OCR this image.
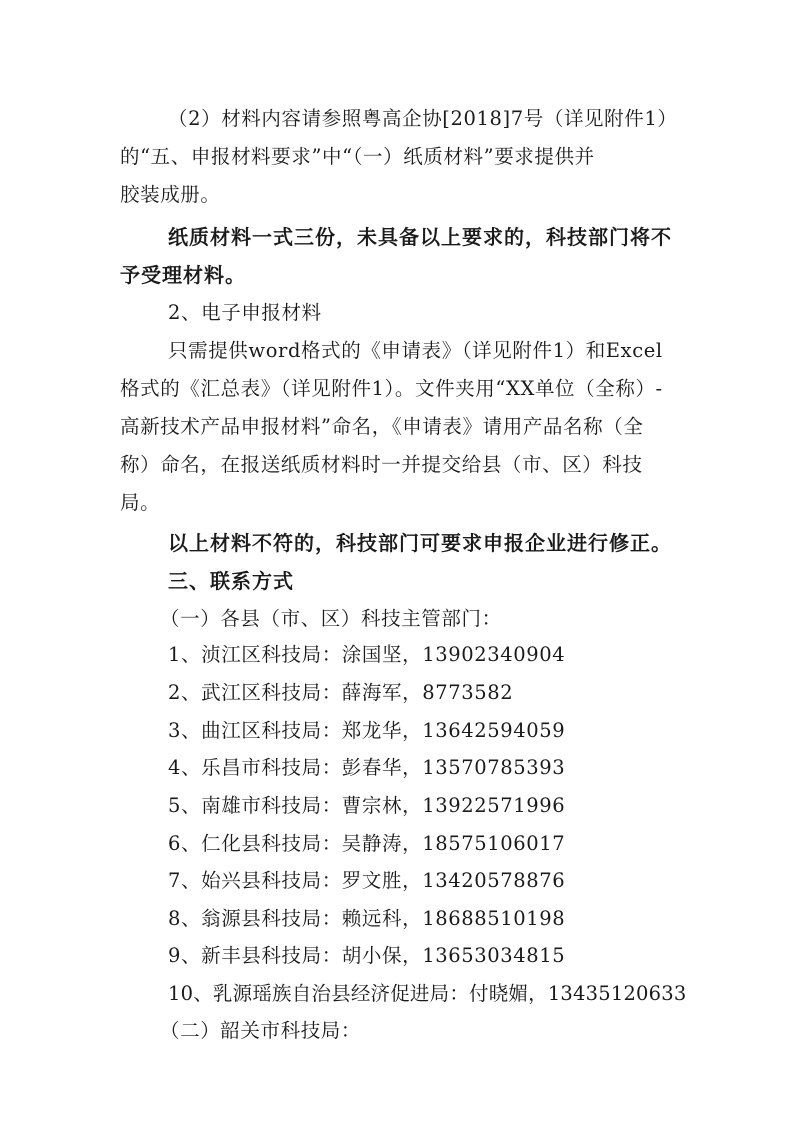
（2）材料内容请参照粤高企协[2018]7号（详见附件1）
的“五、申报材料要求”中“（一）纸质材料”要求提供并
胶装成册。
纸质材料一式三份，未具备以上要求的，科技部门将不
予受理材料。
2、电子申报材料
只需提供word格式的《申请表》（详见附件1）和Excel
格式的《汇总表》（详见附件1）。文件夹用“XX单位（全称）-
高新技术产品申报材料”命名，《申请表》请用产品名称（全
称）命名，在报送纸质材料时一并提交给县（市、区）科技
局。
以上材料不符的，科技部门可要求申报企业进行修正。
三、联系方式
（一）各县（市、区）科技主管部门：
1、浈江区科技局：涂国坚，13902340904
2、武江区科技局：薛海军，8773582
3、曲江区科技局：郑龙华，13642594059
4、乐昌市科技局：彭春华，13570785393
5、南雄市科技局：曹宗林，13922571996
6、仁化县科技局：吴静涛，18575106017
7、始兴县科技局：罗文胜，13420578876
8、翁源县科技局：赖远科，18688510198
9、新丰县科技局：胡小保，13653034815
10、乳源瑶族自治县经济促进局：付晓媚，13435120633
（二）韶关市科技局：
